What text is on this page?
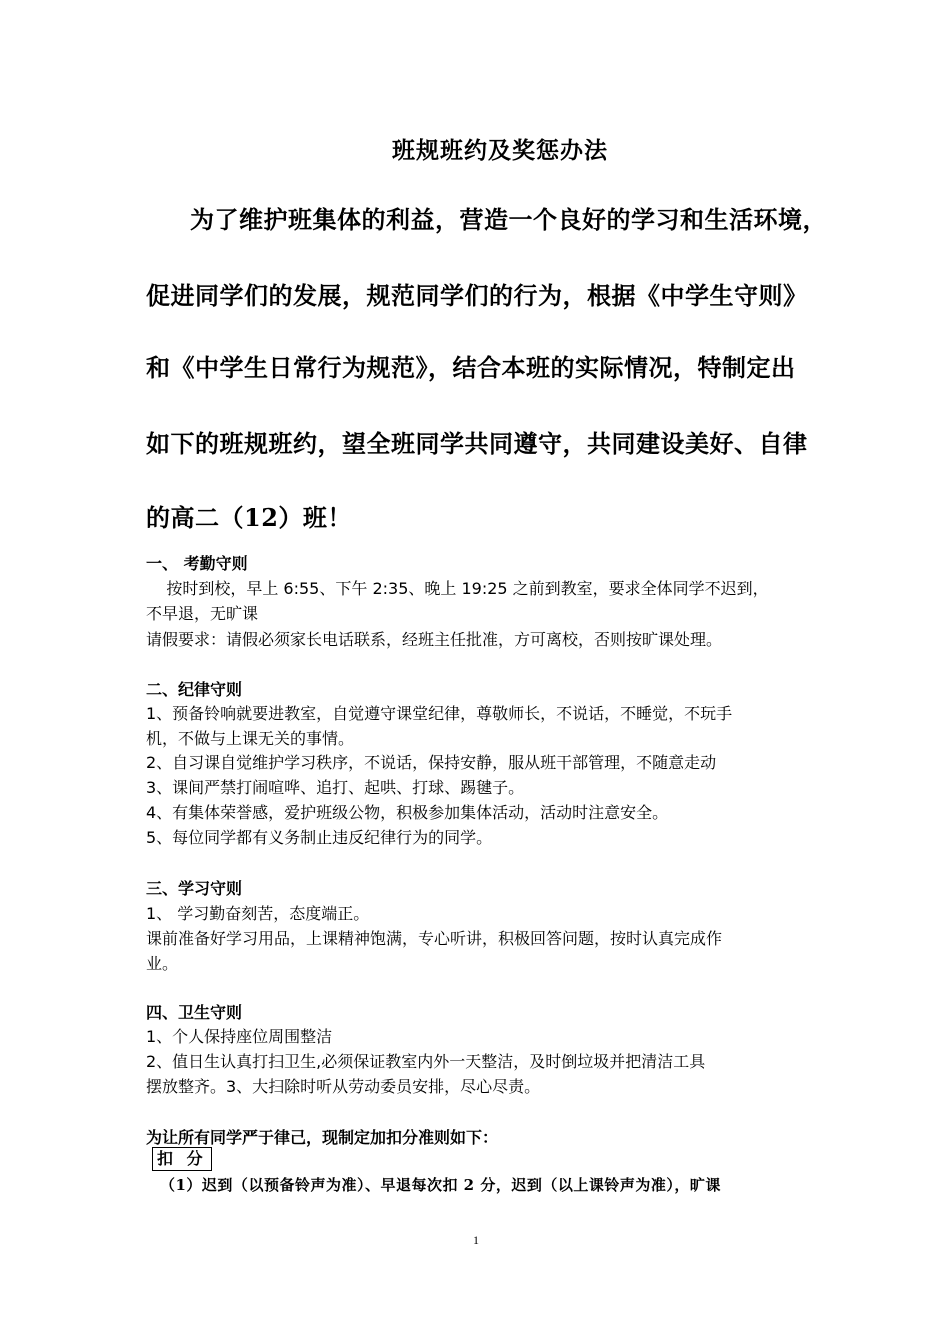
班规班约及奖惩办法
为了维护班集体的利益，营造一个良好的学习和生活环境，
促进同学们的发展，规范同学们的行为，根据《中学生守则》
和《中学生日常行为规范》，结合本班的实际情况，特制定出
如下的班规班约，望全班同学共同遵守，共同建设美好、自律
的高二（12）班！
一、 考勤守则
按时到校，早上 6:55、下午 2:35、晚上 19:25 之前到教室，要求全体同学不迟到，
不早退，无旷课
请假要求：请假必须家长电话联系，经班主任批准，方可离校，否则按旷课处理。
二、纪律守则
1、预备铃响就要进教室，自觉遵守课堂纪律，尊敬师长，不说话，不睡觉，不玩手
机，不做与上课无关的事情。
2、自习课自觉维护学习秩序，不说话，保持安静，服从班干部管理，不随意走动
3、课间严禁打闹喧哗、追打、起哄、打球、踢毽子。
4、有集体荣誉感，爱护班级公物，积极参加集体活动，活动时注意安全。
5、每位同学都有义务制止违反纪律行为的同学。
三、学习守则
1、 学习勤奋刻苦，态度端正。
课前准备好学习用品，上课精神饱满，专心听讲，积极回答问题，按时认真完成作
业。
四、卫生守则
1、个人保持座位周围整洁
2、值日生认真打扫卫生,必须保证教室内外一天整洁，及时倒垃圾并把清洁工具
摆放整齐。3、大扫除时听从劳动委员安排，尽心尽责。
为让所有同学严于律己，现制定加扣分准则如下：
扣 分
（1）迟到（以预备铃声为准）、早退每次扣 2 分，迟到（以上课铃声为准），旷课
1
